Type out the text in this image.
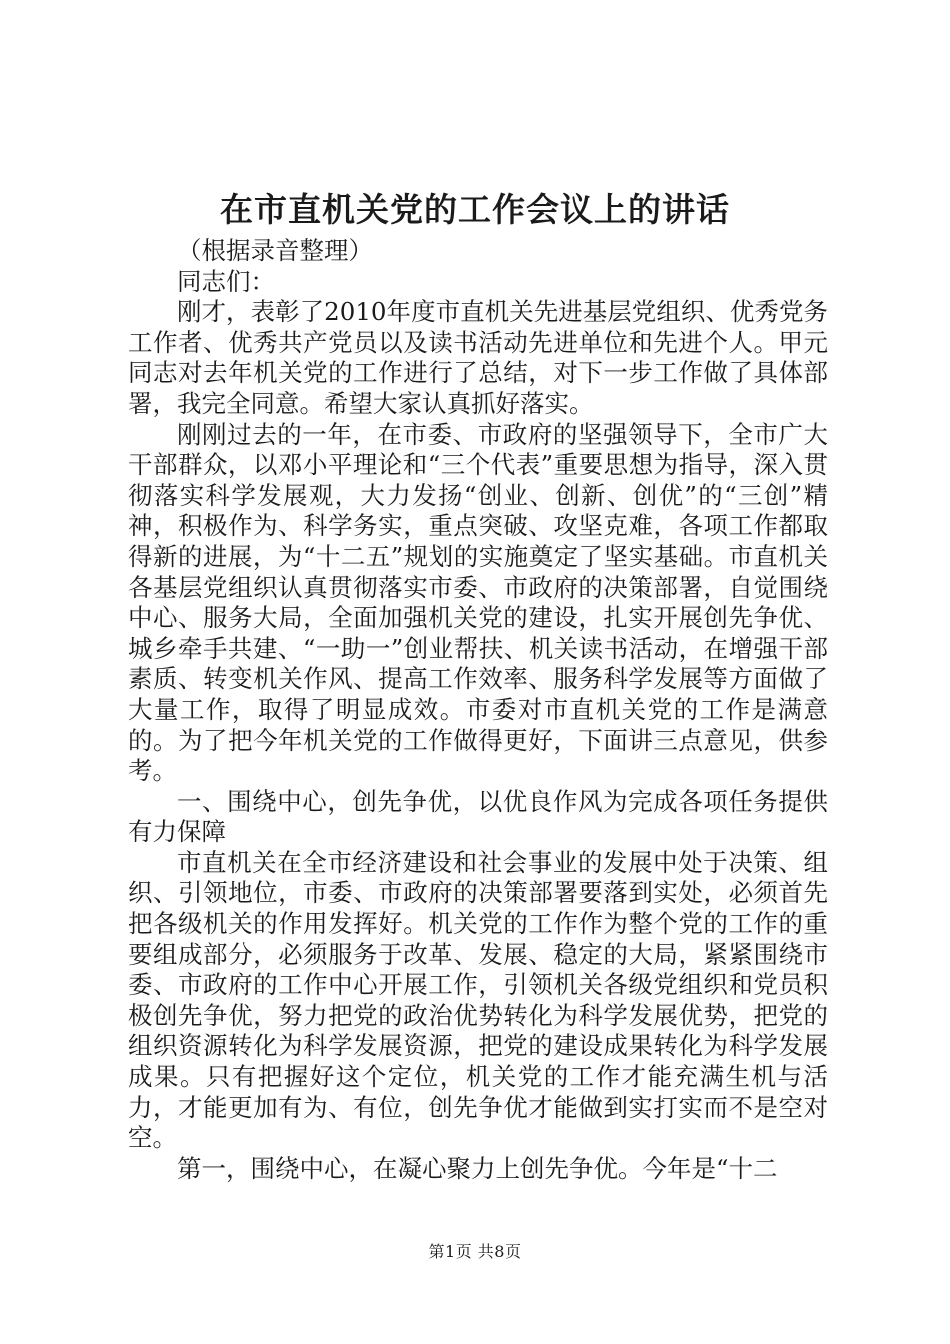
在市直机关党的工作会议上的讲话

（根据录音整理）

同志们：

刚才，表彰了2010年度市直机关先进基层党组织、优秀党务工作者、优秀共产党员以及读书活动先进单位和先进个人。甲元同志对去年机关党的工作进行了总结，对下一步工作做了具体部署，我完全同意。希望大家认真抓好落实。

刚刚过去的一年，在市委、市政府的坚强领导下，全市广大干部群众，以邓小平理论和“三个代表”重要思想为指导，深入贯彻落实科学发展观，大力发扬“创业、创新、创优”的“三创”精神，积极作为、科学务实，重点突破、攻坚克难，各项工作都取得新的进展，为“十二五”规划的实施奠定了坚实基础。市直机关各基层党组织认真贯彻落实市委、市政府的决策部署，自觉围绕中心、服务大局，全面加强机关党的建设，扎实开展创先争优、城乡牵手共建、“一助一”创业帮扶、机关读书活动，在增强干部素质、转变机关作风、提高工作效率、服务科学发展等方面做了大量工作，取得了明显成效。市委对市直机关党的工作是满意的。为了把今年机关党的工作做得更好，下面讲三点意见，供参考。

一、围绕中心，创先争优，以优良作风为完成各项任务提供有力保障

市直机关在全市经济建设和社会事业的发展中处于决策、组织、引领地位，市委、市政府的决策部署要落到实处，必须首先把各级机关的作用发挥好。机关党的工作作为整个党的工作的重要组成部分，必须服务于改革、发展、稳定的大局，紧紧围绕市委、市政府的工作中心开展工作，引领机关各级党组织和党员积极创先争优，努力把党的政治优势转化为科学发展优势，把党的组织资源转化为科学发展资源，把党的建设成果转化为科学发展成果。只有把握好这个定位，机关党的工作才能充满生机与活力，才能更加有为、有位，创先争优才能做到实打实而不是空对空。

第一，围绕中心，在凝心聚力上创先争优。今年是“十二

第1页 共8页
